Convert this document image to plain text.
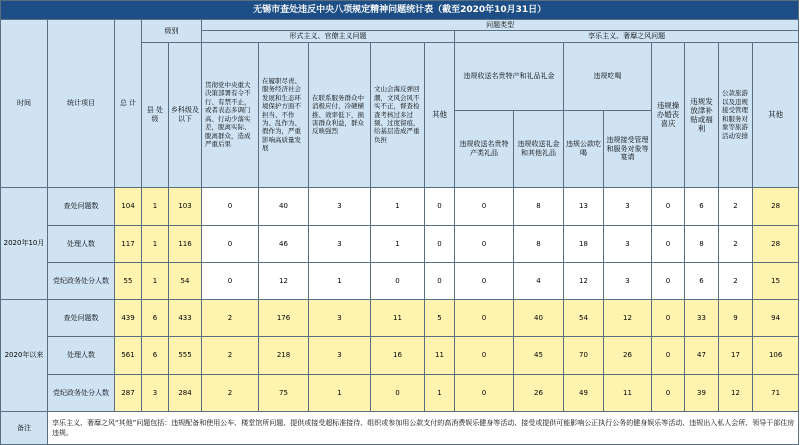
无锡市查处违反中央八项规定精神问题统计表（截至2020年10月31日）																	
时间	统计项目	总 计	级别		问题类型												
					形式主义、官僚主义问题					享乐主义、奢靡之风问题							
			县 处级	乡科级及以下	贯彻党中央重大决策部署有令不行、有禁不止，或者表态多调门高、行动少落实差，脱离实际、脱离群众，造成严重后果	在履职尽责、服务经济社会发展和生态环境保护方面不担当、不作为、乱作为、假作为，严重影响高质量发展	在联系服务群众中消极应付、冷硬横推、效率低下，损害群众利益，群众反映强烈	文山会海反弹回潮，文风会风不实不正，督查检查考核过多过频、过度留痕，给基层造成严重负担	其他	违规收送名贵特产和礼品礼金		违规吃喝		违规操办婚丧喜庆	违规发放津补贴或福利	公款旅游以及违规接受管理和服务对象等旅游活动安排	其他

										违规收送名贵特产类礼品	违规收送礼金和其他礼品	违规公款吃喝	违规接受管理和服务对象等宴请				

2020年10月	查处问题数	104	1	103	0	40	3	1	0	0	8	13	3	0	6	2	28
	处理人数	117	1	116	0	46	3	1	0	0	8	18	3	0	8	2	28
	党纪政务处分人数	55	1	54	0	12	1	0	0	0	4	12	3	0	6	2	15
2020年以来	查处问题数	439	6	433	2	176	3	11	5	0	40	54	12	0	33	9	94
	处理人数	561	6	555	2	218	3	16	11	0	45	70	26	0	47	17	106
	党纪政务处分人数	287	3	284	2	75	1	0	1	0	26	49	11	0	39	12	71
备注	享乐主义、奢靡之风“其他”问题包括：违规配备和使用公车、楼堂馆所问题、提供或接受超标准接待、组织或参加用公款支付的高消费娱乐健身等活动、接受或提供可能影响公正执行公务的健身娱乐等活动、违规出入私人会所、领导干部住房违规。																
